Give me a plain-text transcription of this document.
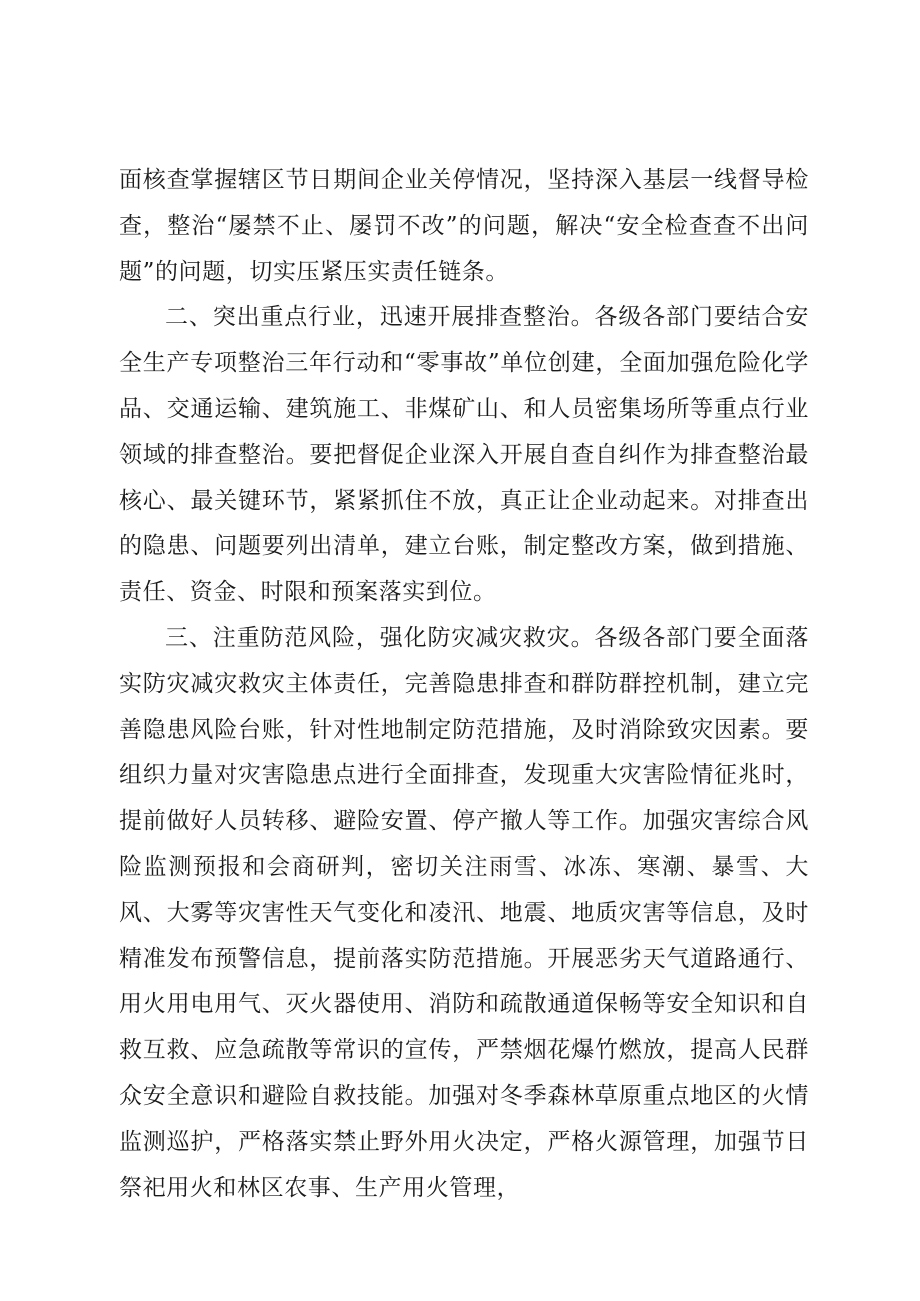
面核查掌握辖区节日期间企业关停情况，坚持深入基层一线督导检查，整治“屡禁不止、屡罚不改”的问题，解决“安全检查查不出问题”的问题，切实压紧压实责任链条。

二、突出重点行业，迅速开展排查整治。各级各部门要结合安全生产专项整治三年行动和“零事故”单位创建，全面加强危险化学品、交通运输、建筑施工、非煤矿山、和人员密集场所等重点行业领域的排查整治。要把督促企业深入开展自查自纠作为排查整治最核心、最关键环节，紧紧抓住不放，真正让企业动起来。对排查出的隐患、问题要列出清单，建立台账，制定整改方案，做到措施、责任、资金、时限和预案落实到位。

三、注重防范风险，强化防灾减灾救灾。各级各部门要全面落实防灾减灾救灾主体责任，完善隐患排查和群防群控机制，建立完善隐患风险台账，针对性地制定防范措施，及时消除致灾因素。要组织力量对灾害隐患点进行全面排查，发现重大灾害险情征兆时，提前做好人员转移、避险安置、停产撤人等工作。加强灾害综合风险监测预报和会商研判，密切关注雨雪、冰冻、寒潮、暴雪、大风、大雾等灾害性天气变化和凌汛、地震、地质灾害等信息，及时精准发布预警信息，提前落实防范措施。开展恶劣天气道路通行、用火用电用气、灭火器使用、消防和疏散通道保畅等安全知识和自救互救、应急疏散等常识的宣传，严禁烟花爆竹燃放，提高人民群众安全意识和避险自救技能。加强对冬季森林草原重点地区的火情监测巡护，严格落实禁止野外用火决定，严格火源管理，加强节日祭祀用火和林区农事、生产用火管理，
